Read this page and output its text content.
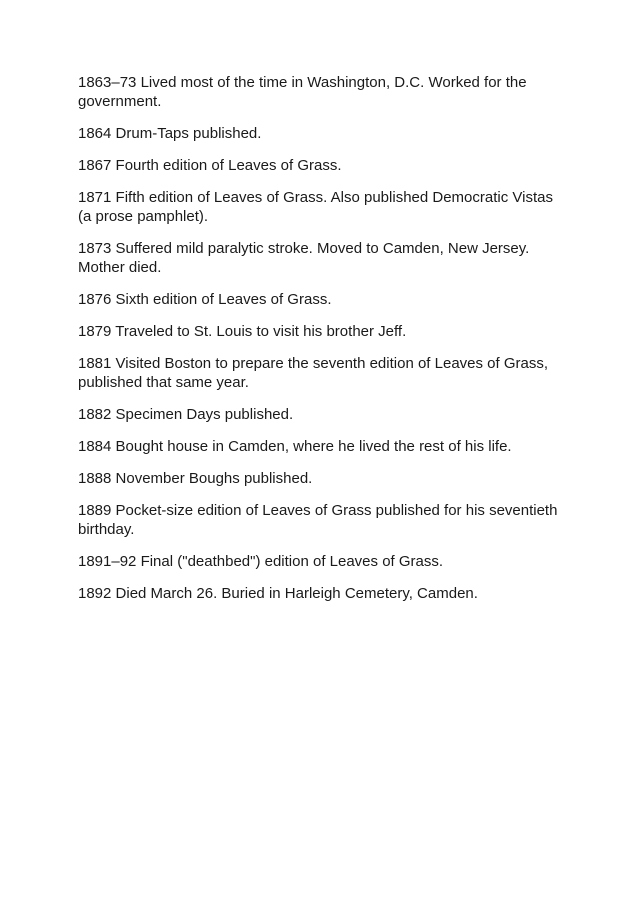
1863–73 Lived most of the time in Washington, D.C. Worked for the government.
1864 Drum-Taps published.
1867 Fourth edition of Leaves of Grass.
1871 Fifth edition of Leaves of Grass. Also published Democratic Vistas (a prose pamphlet).
1873 Suffered mild paralytic stroke. Moved to Camden, New Jersey. Mother died.
1876 Sixth edition of Leaves of Grass.
1879 Traveled to St. Louis to visit his brother Jeff.
1881 Visited Boston to prepare the seventh edition of Leaves of Grass, published that same year.
1882 Specimen Days published.
1884 Bought house in Camden, where he lived the rest of his life.
1888 November Boughs published.
1889 Pocket-size edition of Leaves of Grass published for his seventieth birthday.
1891–92 Final ("deathbed") edition of Leaves of Grass.
1892 Died March 26. Buried in Harleigh Cemetery, Camden.
